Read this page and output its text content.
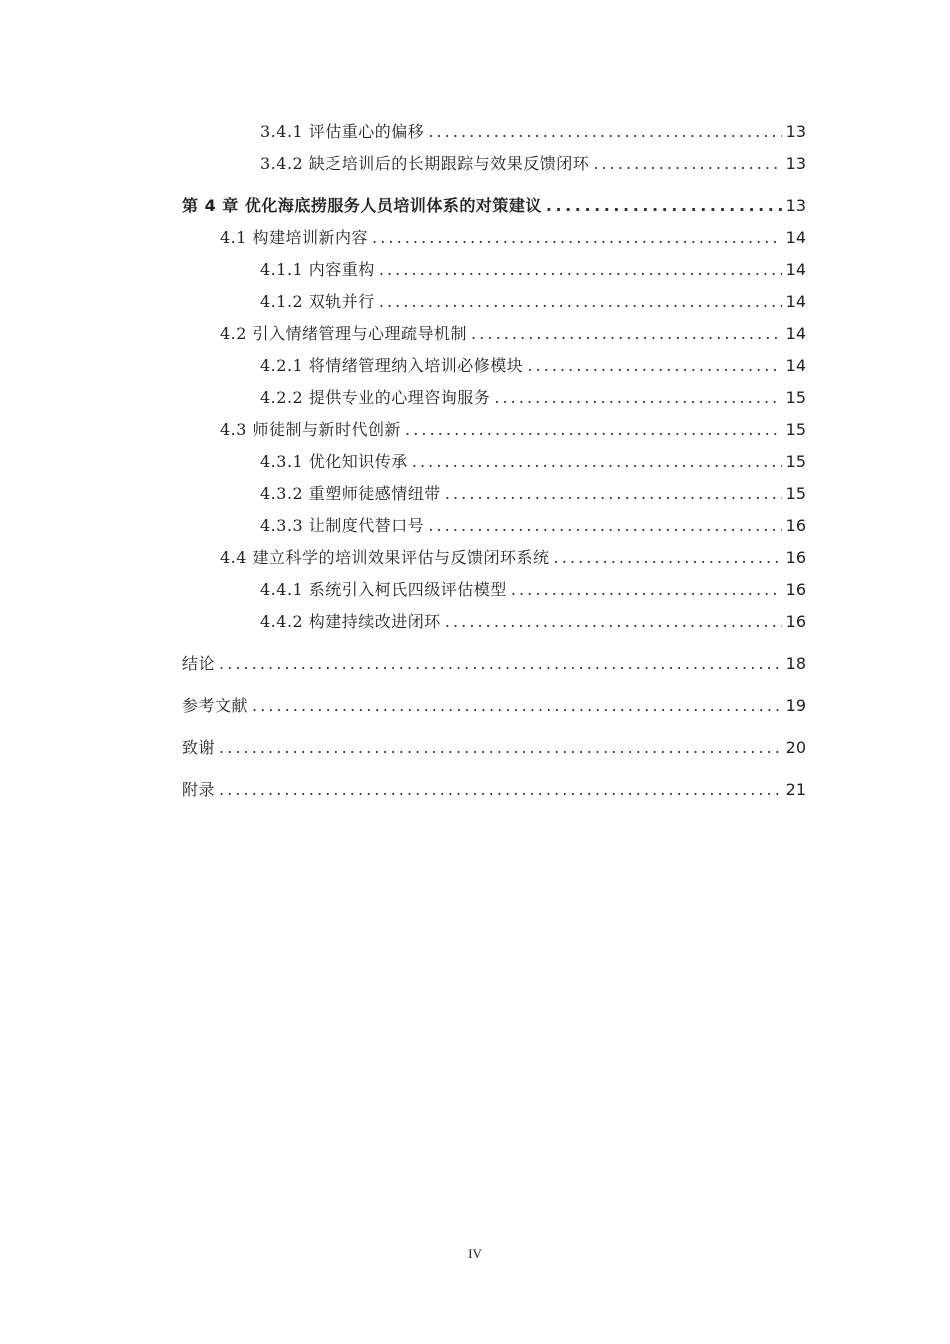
3.4.1 评估重心的偏移 . . .	13
3.4.2 缺乏培训后的长期跟踪与效果反馈闭环 . . .	13
第 4 章 优化海底捞服务人员培训体系的对策建议 . . .	13
4.1 构建培训新内容 . . .	14
4.1.1 内容重构 . . .	14
4.1.2 双轨并行 . . .	14
4.2 引入情绪管理与心理疏导机制 . . .	14
4.2.1 将情绪管理纳入培训必修模块 . . .	14
4.2.2 提供专业的心理咨询服务 . . .	15
4.3 师徒制与新时代创新 . . .	15
4.3.1 优化知识传承 . . .	15
4.3.2 重塑师徒感情纽带 . . .	15
4.3.3 让制度代替口号 . . .	16
4.4 建立科学的培训效果评估与反馈闭环系统 . . .	16
4.4.1 系统引入柯氏四级评估模型 . . .	16
4.4.2 构建持续改进闭环 . . .	16
结论 . . .	18
参考文献 . . .	19
致谢 . . .	20
附录 . . .	21
IV
